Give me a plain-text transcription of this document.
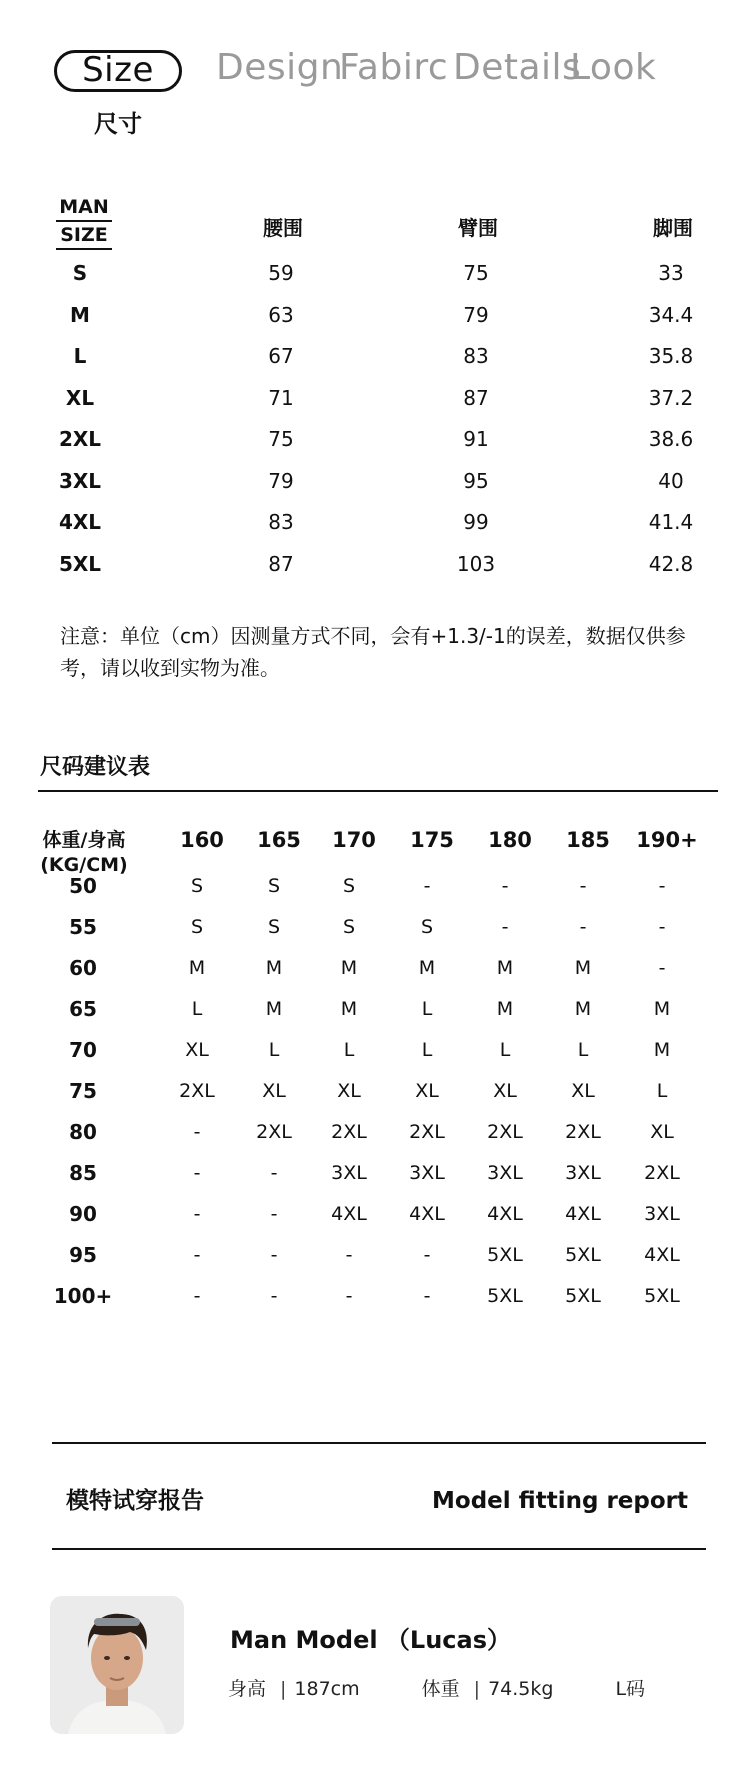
Size	Design
Fabirc Details
Look
尺寸
MAN
SIZE	腰围	臂围	脚围
S	59	75	33
M	63	79	34.4
L	67	83	35.8
XL	71	87	37.2
2XL	75	91	38.6
3XL	79	95	40
4XL	83	99	41.4
5XL	87	103	42.8
注意：单位（cm）因测量方式不同，会有+1.3/-1的误差，数据仅供参考，请以收到实物为准。
尺码建议表
体重/身高
(KG/CM)
160	165	170	175	180	185	190+
50	S	S	S	-	-	-	-
55	S	S	S	S	-	-	-
60	M	M	M	M	M	M	-
65	L	M	M	L	M	M	M
70	XL	L	L	L	L	L	M
75	2XL	XL	XL	XL	XL	XL	L
80	-	2XL	2XL	2XL	2XL	2XL	XL
85	-	-	3XL	3XL	3XL	3XL	2XL
90	-	-	4XL	4XL	4XL	4XL	3XL
95	-	-	-	-	5XL	5XL	4XL
100+	-	-	-	-	5XL	5XL	5XL
模特试穿报告	Model fitting report
Man Model （Lucas）
身高 | 187cm	体重 | 74.5kg	L码
